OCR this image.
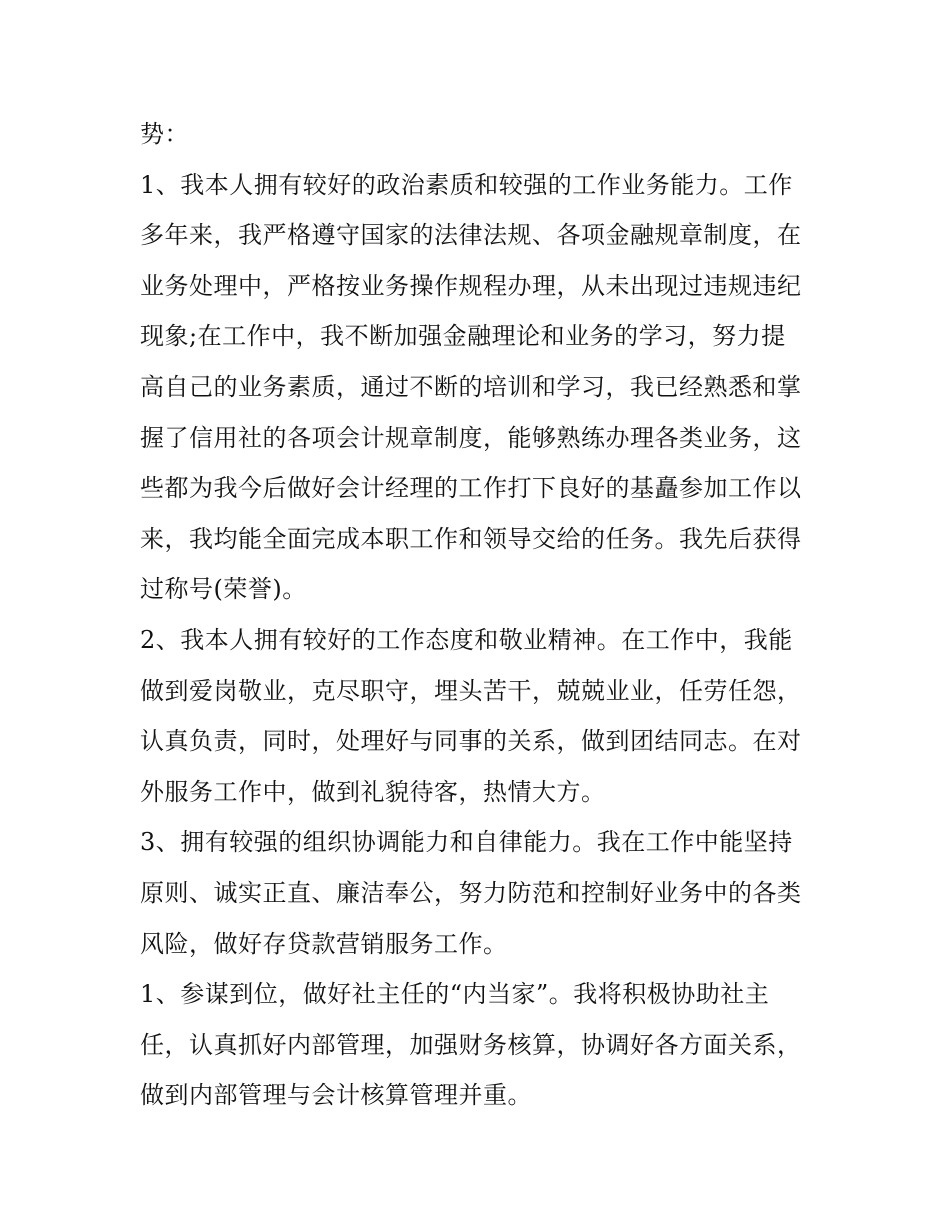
势：
1、我本人拥有较好的政治素质和较强的工作业务能力。工作
多年来，我严格遵守国家的法律法规、各项金融规章制度，在
业务处理中，严格按业务操作规程办理，从未出现过违规违纪
现象;在工作中，我不断加强金融理论和业务的学习，努力提
高自己的业务素质，通过不断的培训和学习，我已经熟悉和掌
握了信用社的各项会计规章制度，能够熟练办理各类业务，这
些都为我今后做好会计经理的工作打下良好的基矗参加工作以
来，我均能全面完成本职工作和领导交给的任务。我先后获得
过称号(荣誉)。
2、我本人拥有较好的工作态度和敬业精神。在工作中，我能
做到爱岗敬业，克尽职守，埋头苦干，兢兢业业，任劳任怨，
认真负责，同时，处理好与同事的关系，做到团结同志。在对
外服务工作中，做到礼貌待客，热情大方。
3、拥有较强的组织协调能力和自律能力。我在工作中能坚持
原则、诚实正直、廉洁奉公，努力防范和控制好业务中的各类
风险，做好存贷款营销服务工作。
1、参谋到位，做好社主任的“内当家”。我将积极协助社主
任，认真抓好内部管理，加强财务核算，协调好各方面关系，
做到内部管理与会计核算管理并重。
